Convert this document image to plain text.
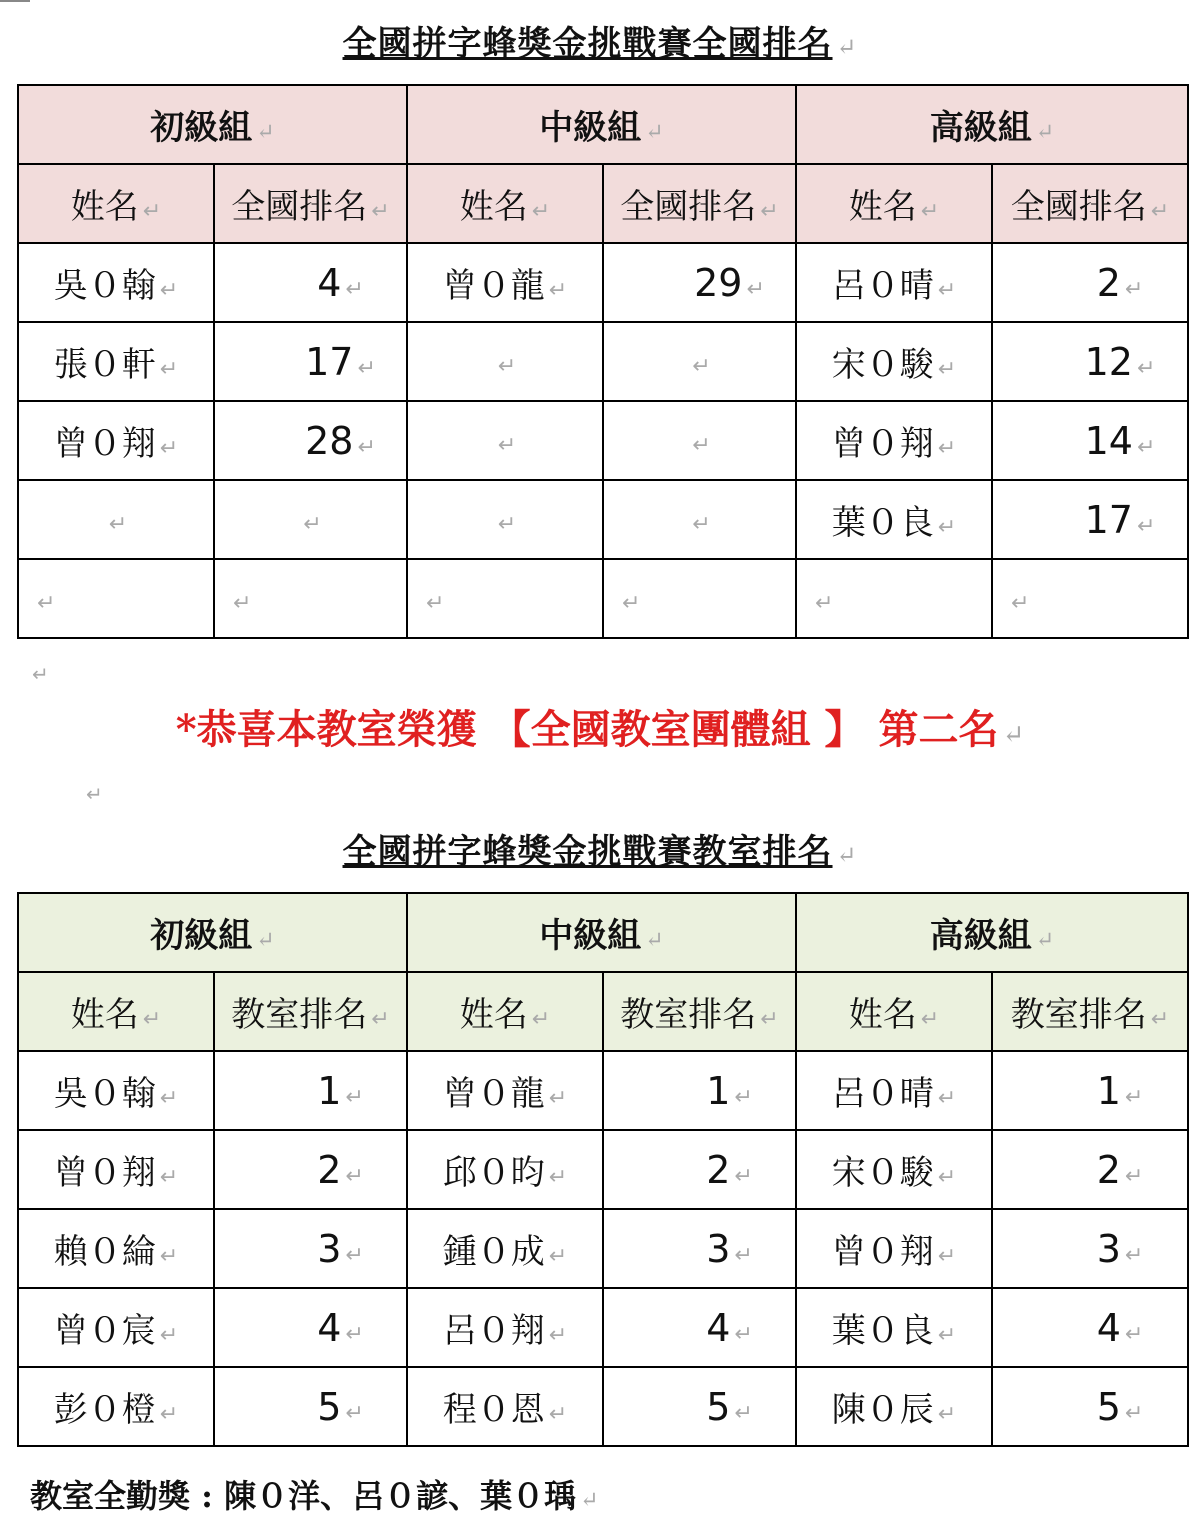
全國拼字蜂獎金挑戰賽全國排名 ↵
初級組 ↵		中級組 ↵		高級組 ↵	
姓名 ↵	全國排名 ↵	姓名 ↵	全國排名 ↵	姓名 ↵	全國排名 ↵
吳０翰 ↵	4 ↵	曾０龍 ↵	29 ↵	呂０晴 ↵	2 ↵
張０軒 ↵	17 ↵	↵	↵	宋０駿 ↵	12 ↵
曾０翔 ↵	28 ↵	↵	↵	曾０翔 ↵	14 ↵
↵	↵	↵	↵	葉０良 ↵	17 ↵
↵	↵	↵	↵	↵	↵
↵
*恭喜本教室榮獲 【全國教室團體組 】 第二名 ↵
↵
全國拼字蜂獎金挑戰賽教室排名 ↵
初級組 ↵		中級組 ↵		高級組 ↵	
姓名 ↵	教室排名 ↵	姓名 ↵	教室排名 ↵	姓名 ↵	教室排名 ↵
吳０翰 ↵	1 ↵	曾０龍 ↵	1 ↵	呂０晴 ↵	1 ↵
曾０翔 ↵	2 ↵	邱０昀 ↵	2 ↵	宋０駿 ↵	2 ↵
賴０綸 ↵	3 ↵	鍾０成 ↵	3 ↵	曾０翔 ↵	3 ↵
曾０宸 ↵	4 ↵	呂０翔 ↵	4 ↵	葉０良 ↵	4 ↵
彭０橙 ↵	5 ↵	程０恩 ↵	5 ↵	陳０辰 ↵	5 ↵
教室全勤獎 : 陳０洋、呂０諺、葉０瑀 ↵
